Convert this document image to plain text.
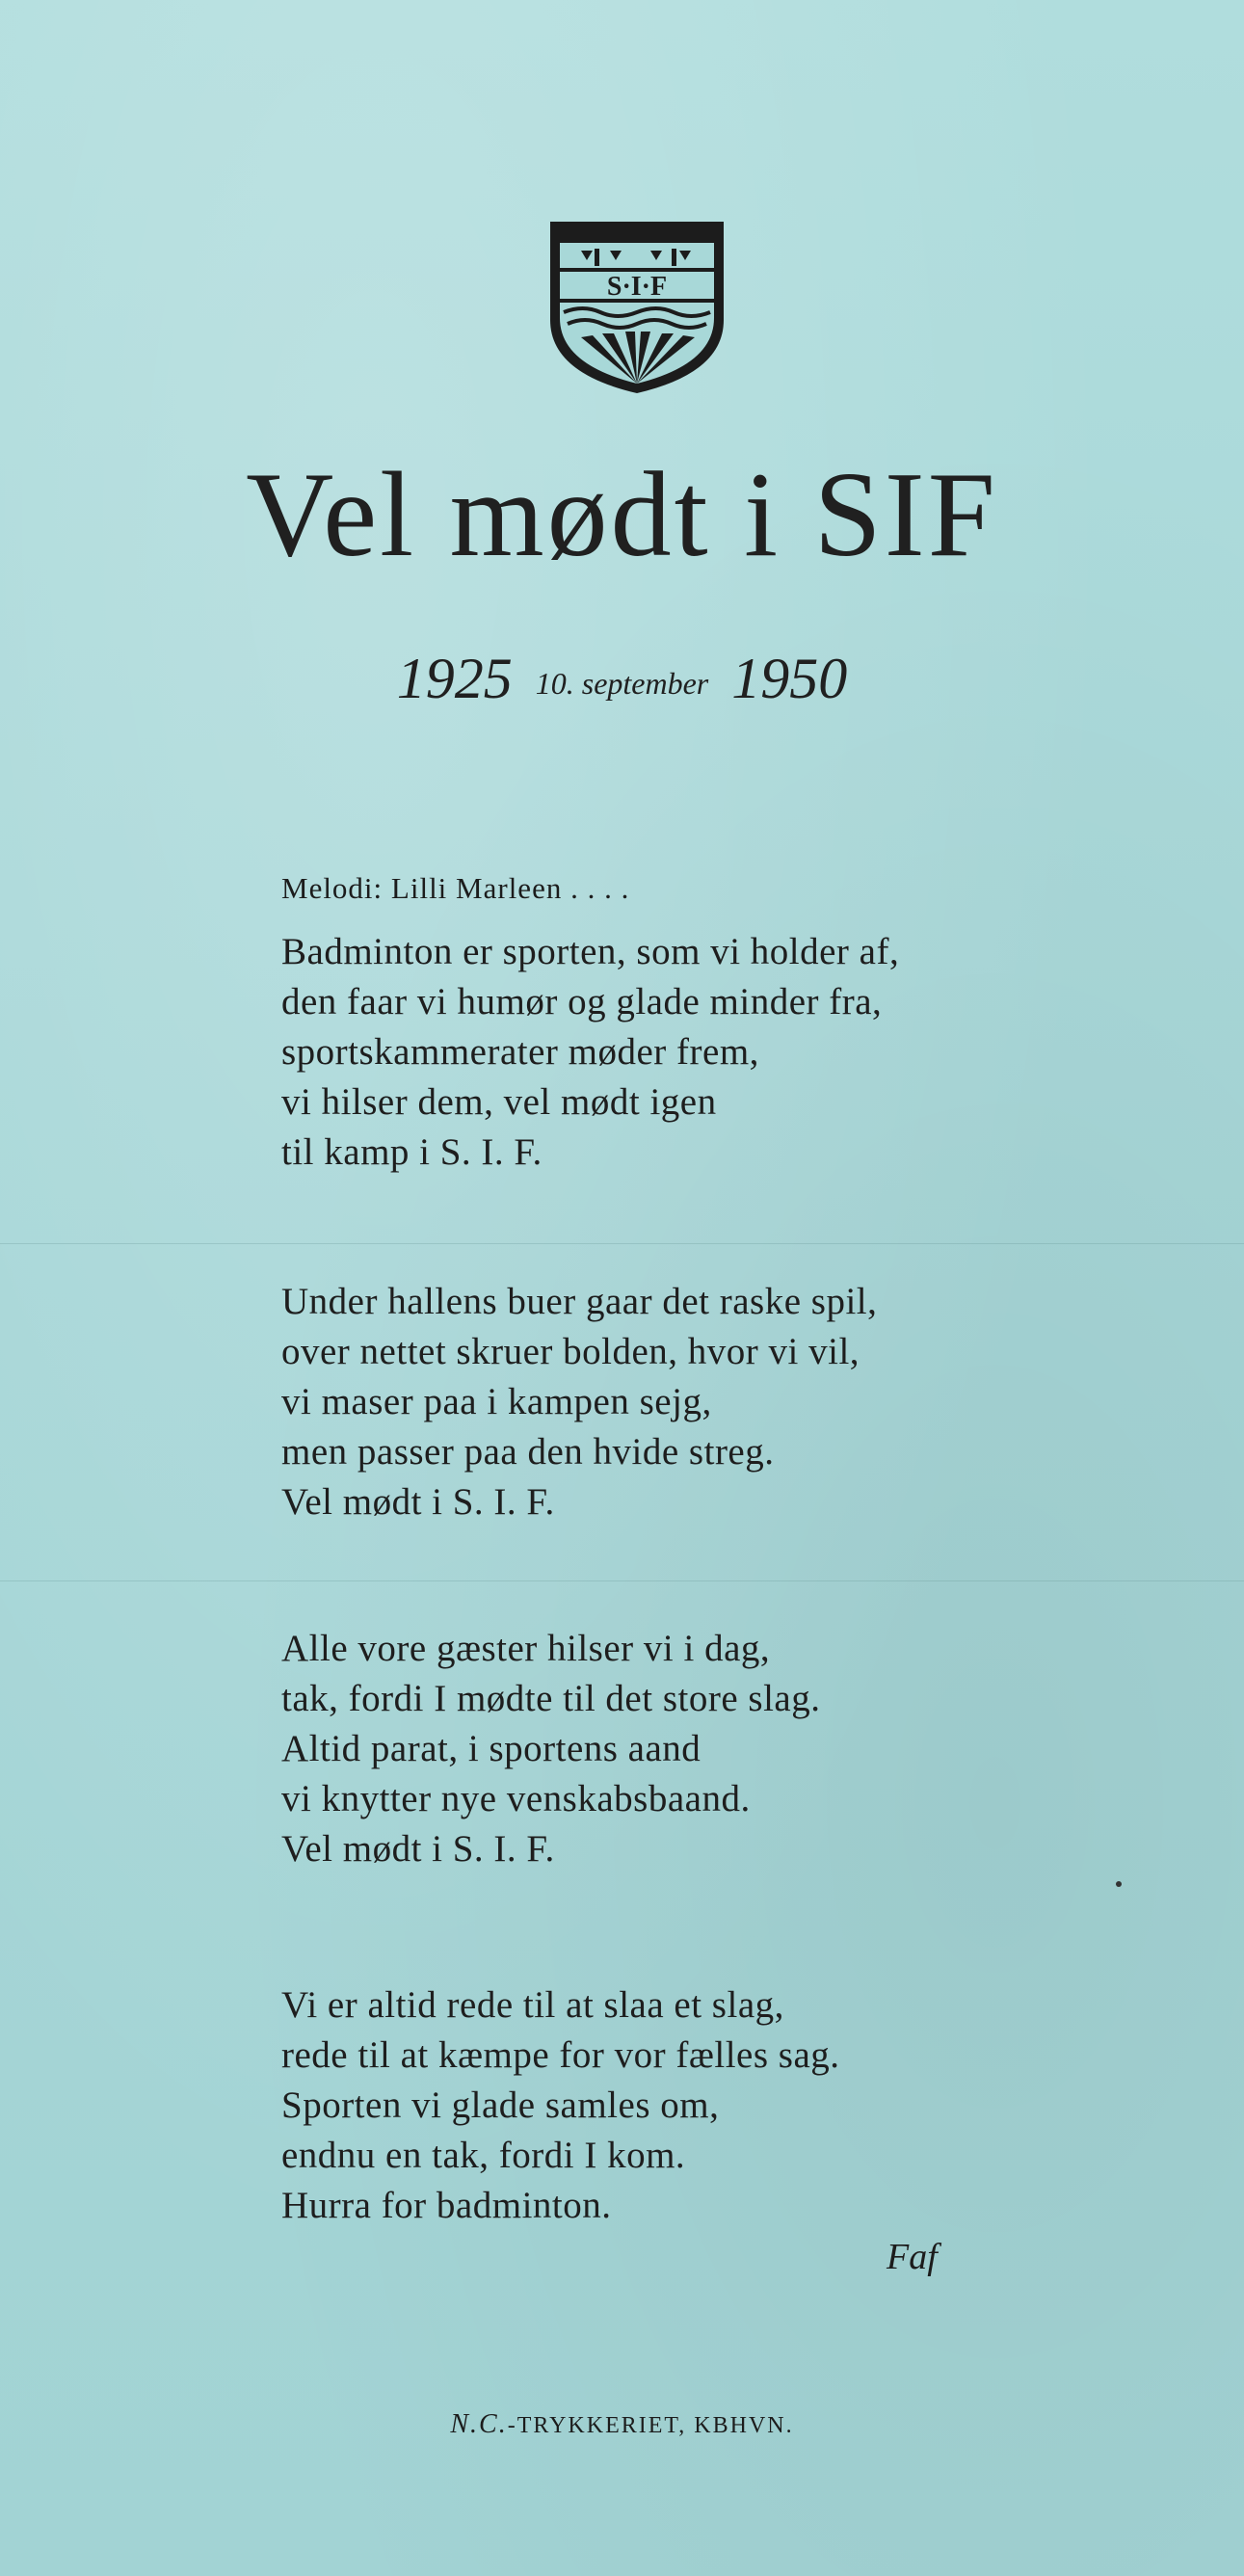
S·I·F
Vel mødt i SIF
1925 10. september 1950
Melodi: Lilli Marleen . . . .
Badminton er sporten, som vi holder af,
den faar vi humør og glade minder fra,
sportskammerater møder frem,
vi hilser dem, vel mødt igen
til kamp i S. I. F.
Under hallens buer gaar det raske spil,
over nettet skruer bolden, hvor vi vil,
vi maser paa i kampen sejg,
men passer paa den hvide streg.
Vel mødt i S. I. F.
Alle vore gæster hilser vi i dag,
tak, fordi I mødte til det store slag.
Altid parat, i sportens aand
vi knytter nye venskabsbaand.
Vel mødt i S. I. F.
Vi er altid rede til at slaa et slag,
rede til at kæmpe for vor fælles sag.
Sporten vi glade samles om,
endnu en tak, fordi I kom.
Hurra for badminton.
Faf
N.C.-TRYKKERIET, KBHVN.
